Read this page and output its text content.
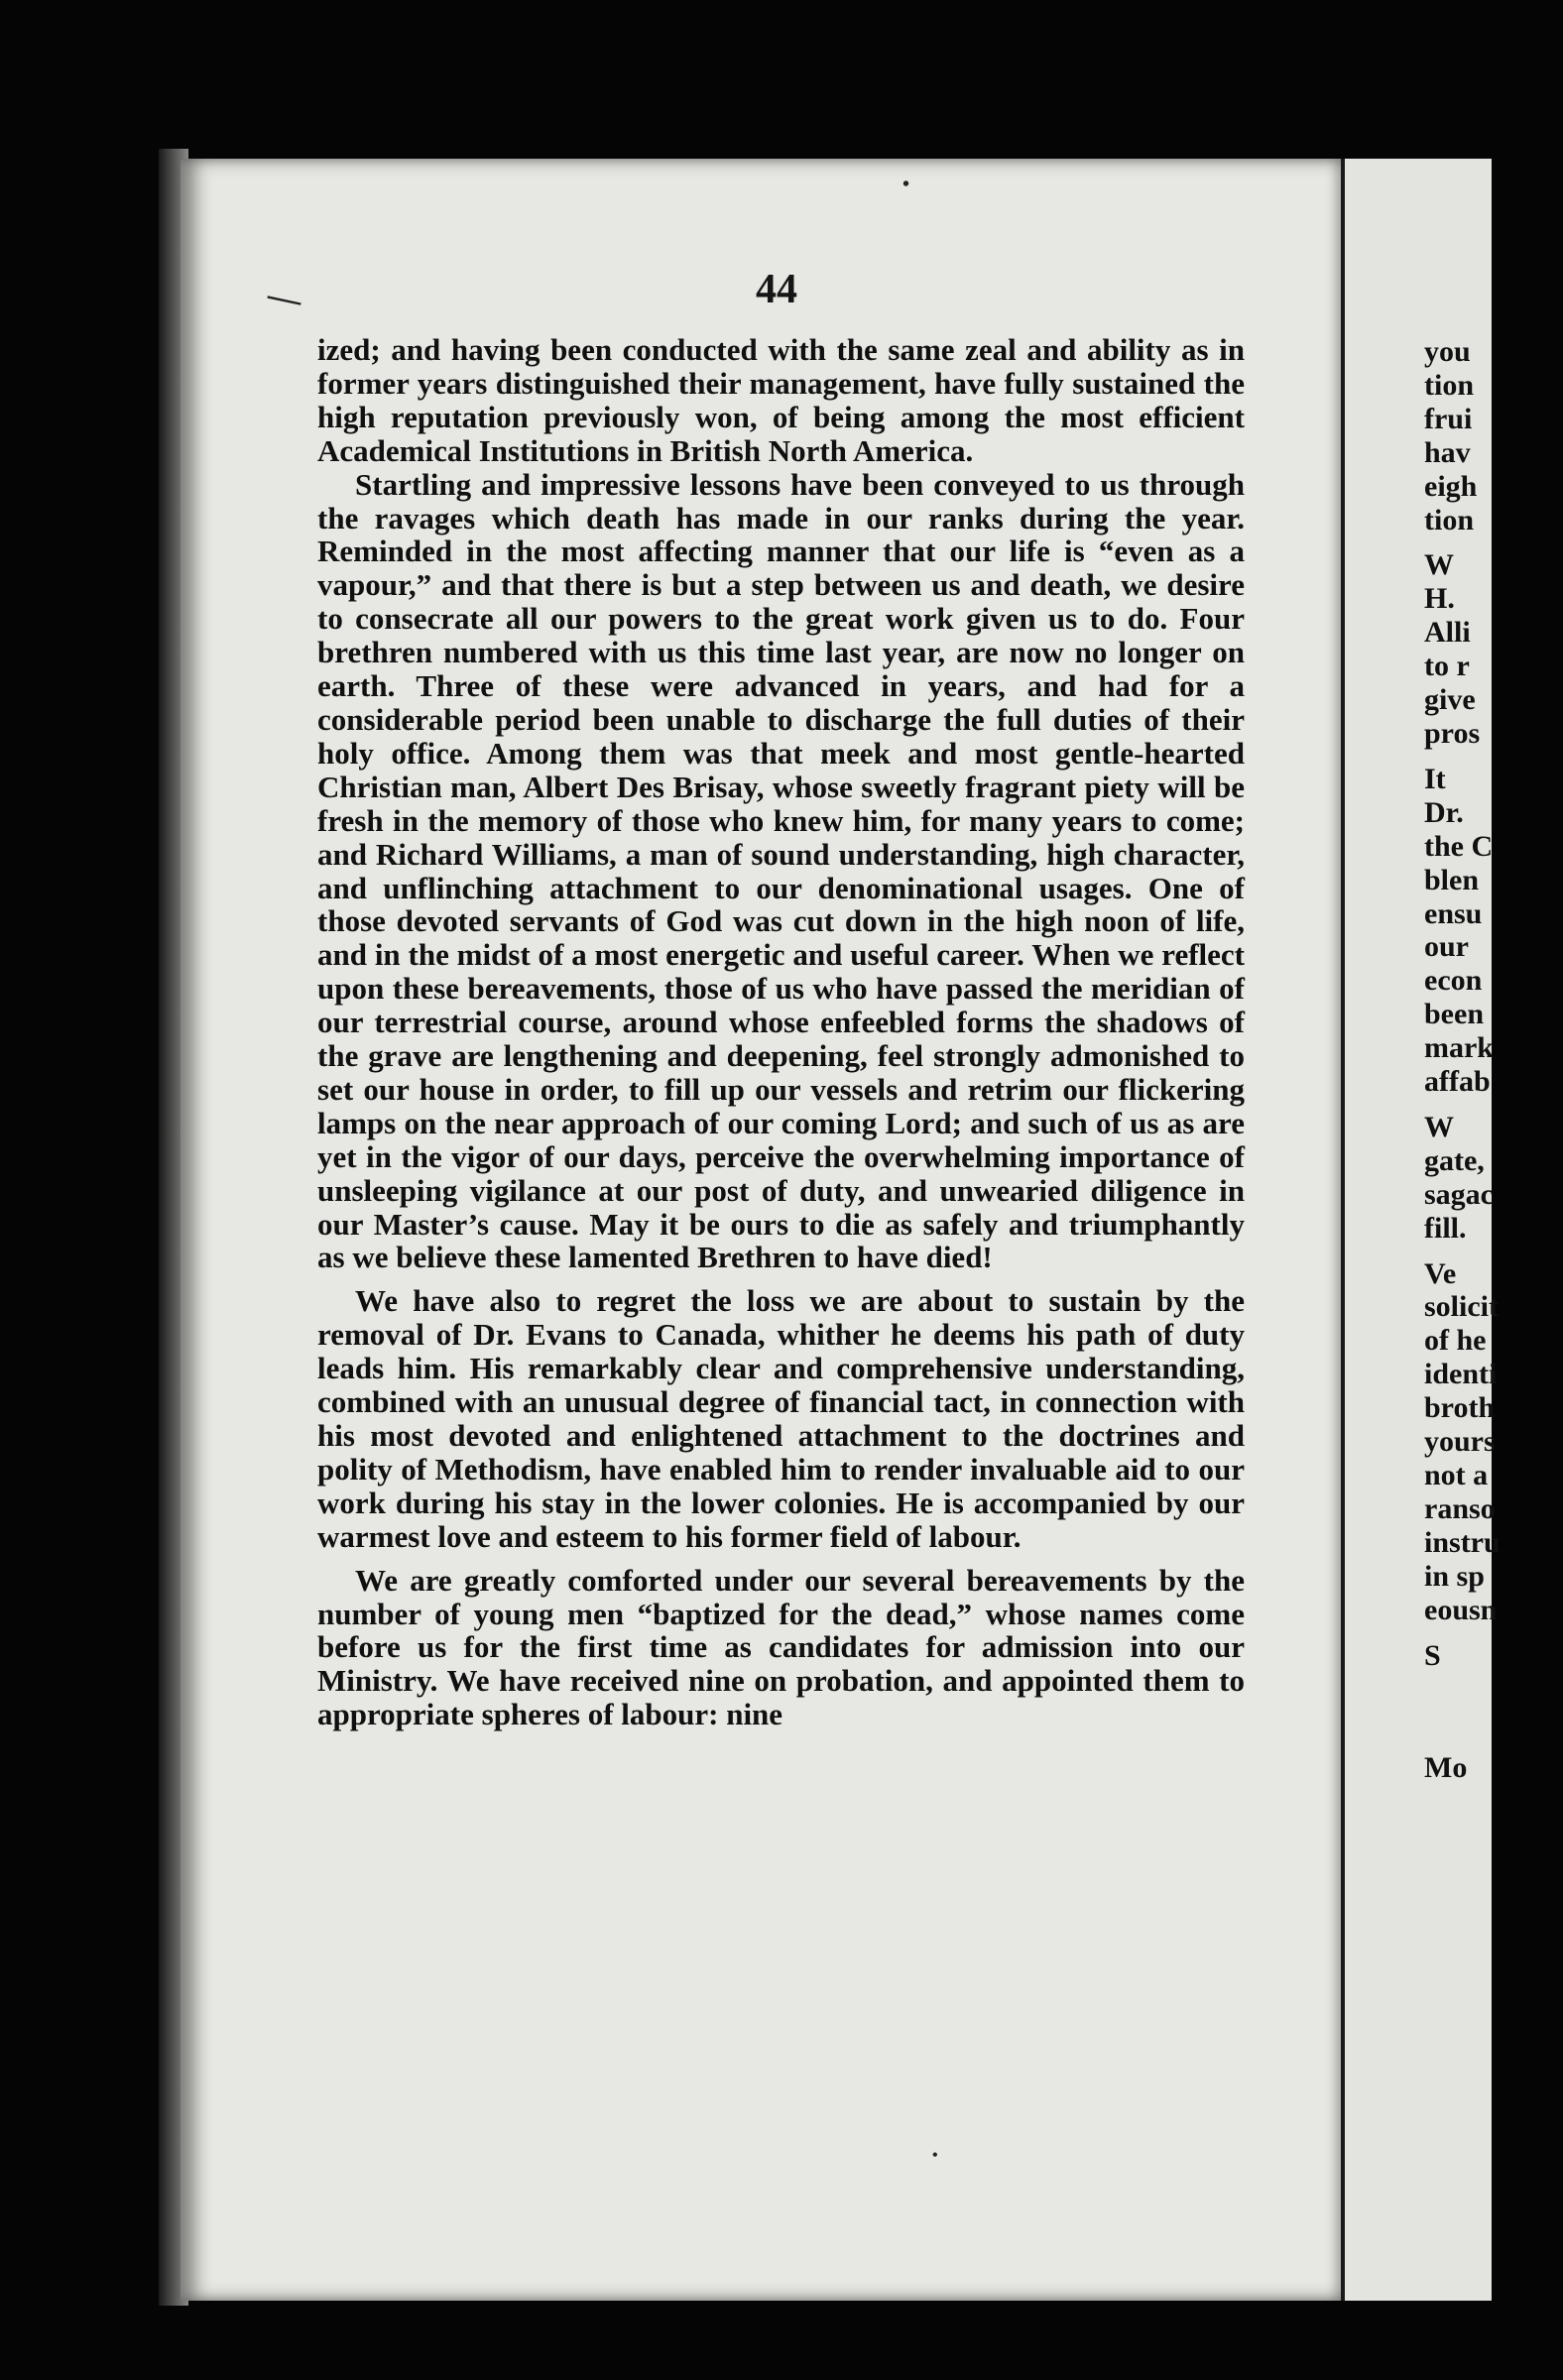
44

ized; and having been conducted with the same zeal and ability as in former years distinguished their management, have fully sustained the high reputation previously won, of being among the most efficient Academical Institutions in British North America.

Startling and impressive lessons have been conveyed to us through the ravages which death has made in our ranks during the year. Reminded in the most affecting manner that our life is “even as a vapour,” and that there is but a step between us and death, we desire to consecrate all our powers to the great work given us to do. Four brethren numbered with us this time last year, are now no longer on earth. Three of these were advanced in years, and had for a considerable period been unable to discharge the full duties of their holy office. Among them was that meek and most gentle-hearted Christian man, Albert Des Brisay, whose sweetly fragrant piety will be fresh in the memory of those who knew him, for many years to come; and Richard Williams, a man of sound understanding, high character, and unflinching attachment to our denominational usages. One of those devoted servants of God was cut down in the high noon of life, and in the midst of a most energetic and useful career. When we reflect upon these bereavements, those of us who have passed the meridian of our terrestrial course, around whose enfeebled forms the shadows of the grave are lengthening and deepening, feel strongly admonished to set our house in order, to fill up our vessels and retrim our flickering lamps on the near approach of our coming Lord; and such of us as are yet in the vigor of our days, perceive the overwhelming importance of unsleeping vigilance at our post of duty, and unwearied diligence in our Master’s cause. May it be ours to die as safely and triumphantly as we believe these lamented Brethren to have died!

We have also to regret the loss we are about to sustain by the removal of Dr. Evans to Canada, whither he deems his path of duty leads him. His remarkably clear and comprehensive understanding, combined with an unusual degree of financial tact, in connection with his most devoted and enlightened attachment to the doctrines and polity of Methodism, have enabled him to render invaluable aid to our work during his stay in the lower colonies. He is accompanied by our warmest love and esteem to his former field of labour.

We are greatly comforted under our several bereavements by the number of young men “baptized for the dead,” whose names come before us for the first time as candidates for admission into our Ministry. We have received nine on probation, and appointed them to appropriate spheres of labour: nine

you
tion
frui
hav
eigh
tion
W
H.
Alli
to r
give
pros
It
Dr.
the C
blen
ensu
our
econ
been
mark
affab
W
gate,
sagac
fill.
Ve
solicit
of he
identi
broth
yours
not a
ranso
instru
in sp
eousn
S

Mo
—
•
•
